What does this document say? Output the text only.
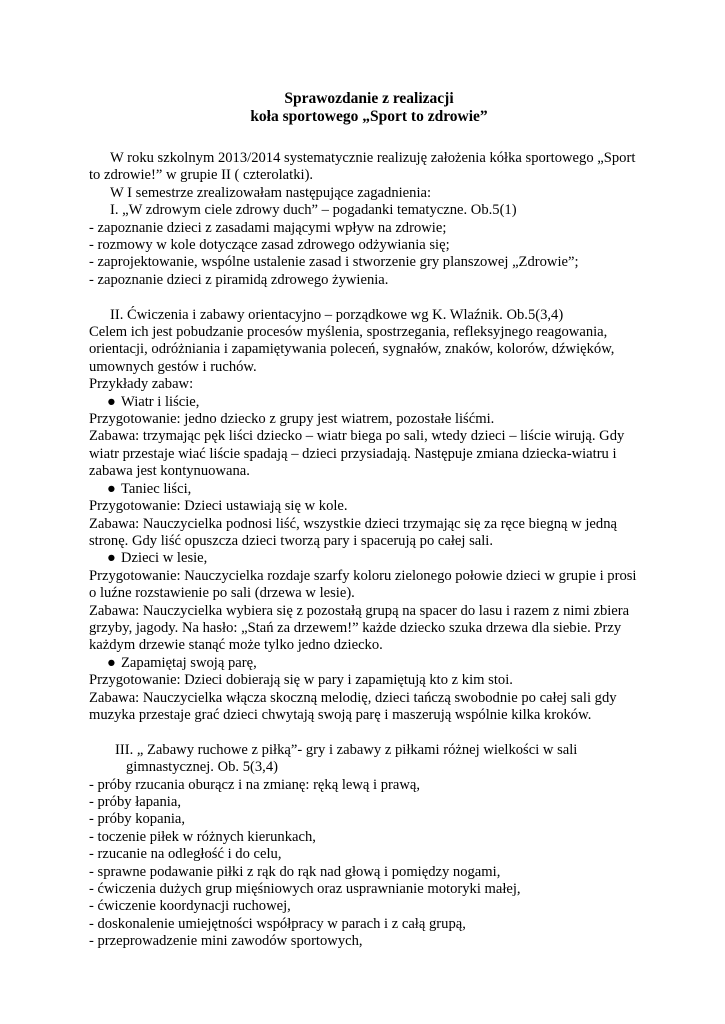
Sprawozdanie z realizacji

koła sportowego „Sport to zdrowie”

W roku szkolnym 2013/2014 systematycznie realizuję założenia kółka sportowego „Sport
to zdrowie!” w grupie II ( czterolatki).
W I semestrze zrealizowałam następujące zagadnienia:
I. „W zdrowym ciele zdrowy duch” – pogadanki tematyczne. Ob.5(1)
- zapoznanie dzieci z zasadami mającymi wpływ na zdrowie;
- rozmowy w kole dotyczące zasad zdrowego odżywiania się;
- zaprojektowanie, wspólne ustalenie zasad i stworzenie gry planszowej „Zdrowie”;
- zapoznanie dzieci z piramidą zdrowego żywienia.
II. Ćwiczenia i zabawy orientacyjno – porządkowe wg K. Wlaźnik. Ob.5(3,4)
Celem ich jest pobudzanie procesów myślenia, spostrzegania, refleksyjnego reagowania,
orientacji, odróżniania i zapamiętywania poleceń, sygnałów, znaków, kolorów, dźwięków,
umownych gestów i ruchów.
Przykłady zabaw:
● Wiatr i liście,
Przygotowanie: jedno dziecko z grupy jest wiatrem, pozostałe liśćmi.
Zabawa: trzymając pęk liści dziecko – wiatr biega po sali, wtedy dzieci – liście wirują. Gdy
wiatr przestaje wiać liście spadają – dzieci przysiadają. Następuje zmiana dziecka-wiatru i
zabawa jest kontynuowana.
● Taniec liści,
Przygotowanie: Dzieci ustawiają się w kole.
Zabawa: Nauczycielka podnosi liść, wszystkie dzieci trzymając się za ręce biegną w jedną
stronę. Gdy liść opuszcza dzieci tworzą pary i spacerują po całej sali.
● Dzieci w lesie,
Przygotowanie: Nauczycielka rozdaje szarfy koloru zielonego połowie dzieci w grupie i prosi
o luźne rozstawienie po sali (drzewa w lesie).
Zabawa: Nauczycielka wybiera się z pozostałą grupą na spacer do lasu i razem z nimi zbiera
grzyby, jagody. Na hasło: „Stań za drzewem!” każde dziecko szuka drzewa dla siebie. Przy
każdym drzewie stanąć może tylko jedno dziecko.
● Zapamiętaj swoją parę,
Przygotowanie: Dzieci dobierają się w pary i zapamiętują kto z kim stoi.
Zabawa: Nauczycielka włącza skoczną melodię, dzieci tańczą swobodnie po całej sali gdy
muzyka przestaje grać dzieci chwytają swoją parę i maszerują wspólnie kilka kroków.
III. „ Zabawy ruchowe z piłką”- gry i zabawy z piłkami różnej wielkości w sali
gimnastycznej. Ob. 5(3,4)
- próby rzucania oburącz i na zmianę: ręką lewą i prawą,
- próby łapania,
- próby kopania,
- toczenie piłek w różnych kierunkach,
- rzucanie na odległość i do celu,
- sprawne podawanie piłki z rąk do rąk nad głową i pomiędzy nogami,
- ćwiczenia dużych grup mięśniowych oraz usprawnianie motoryki małej,
- ćwiczenie koordynacji ruchowej,
- doskonalenie umiejętności współpracy w parach i z całą grupą,
- przeprowadzenie mini zawodów sportowych,
